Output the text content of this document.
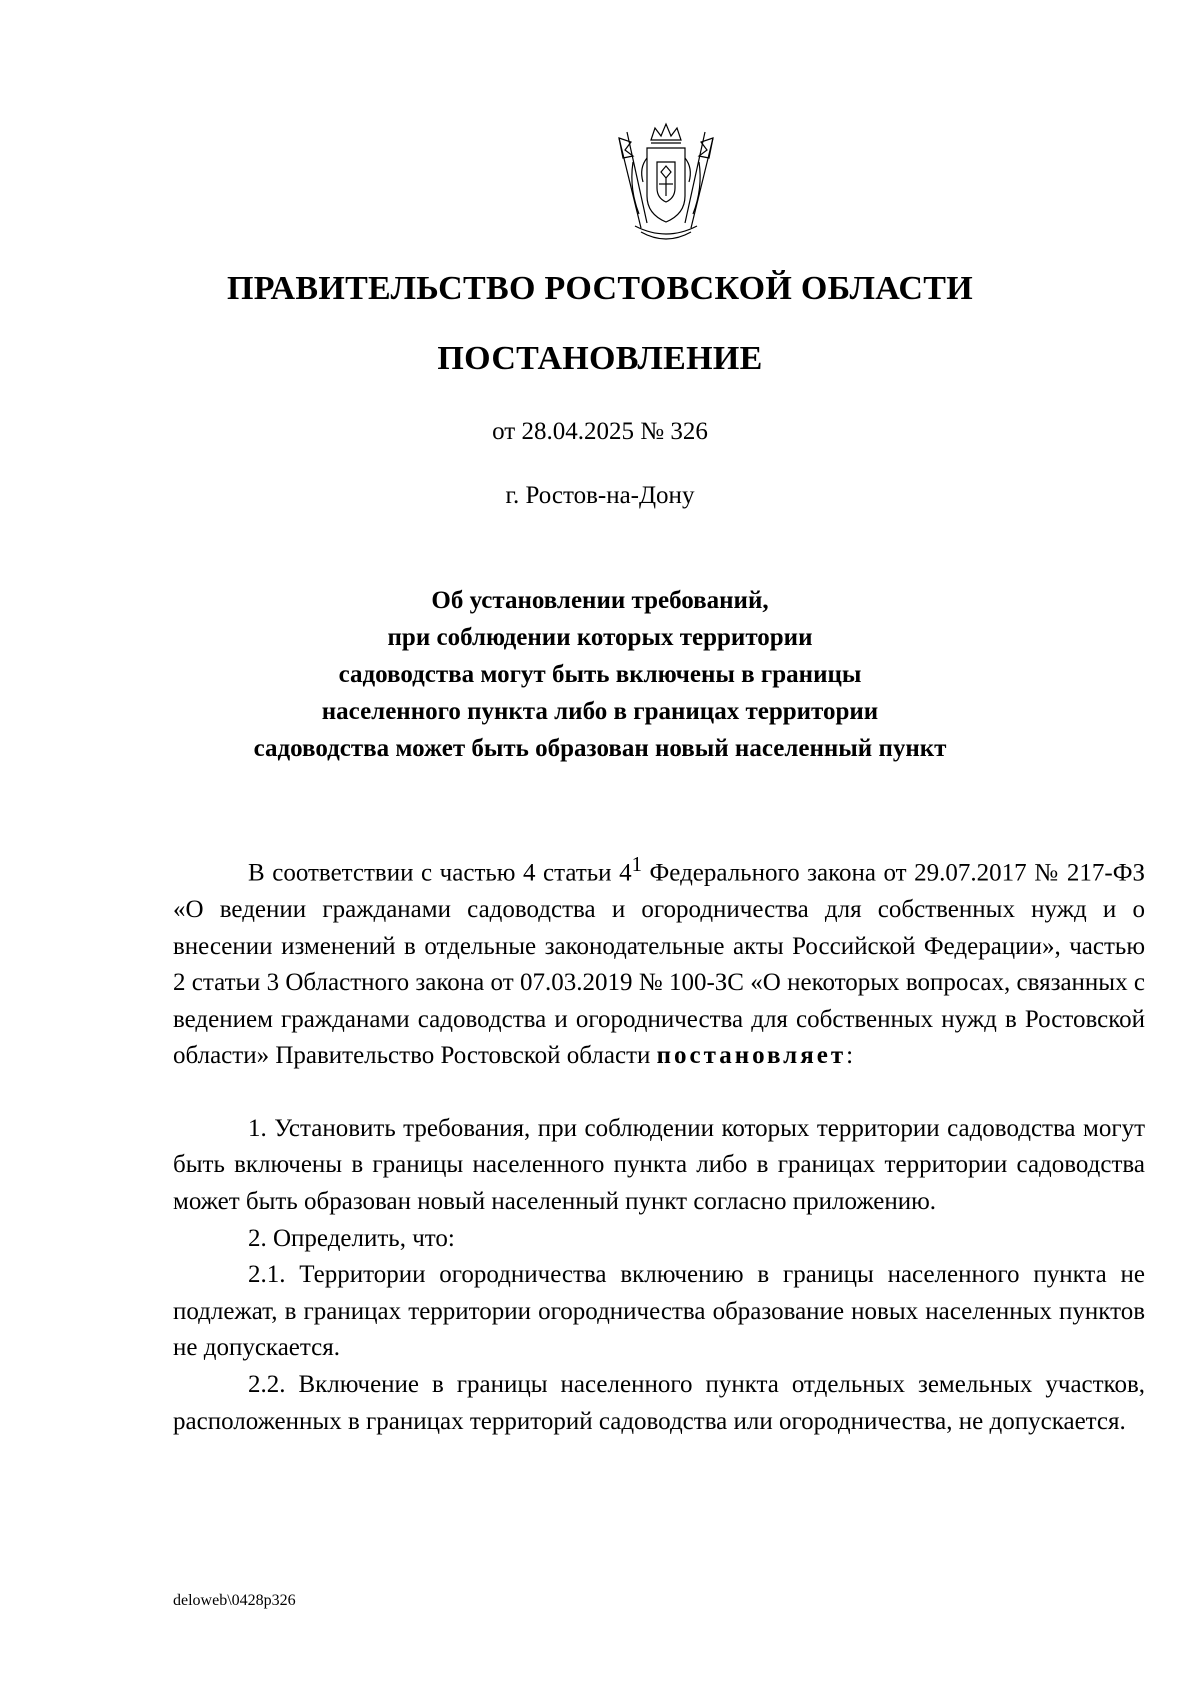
ПРАВИТЕЛЬСТВО РОСТОВСКОЙ ОБЛАСТИ
ПОСТАНОВЛЕНИЕ
от 28.04.2025 № 326
г. Ростов-на-Дону
Об установлении требований,
при соблюдении которых территории
садоводства могут быть включены в границы
населенного пункта либо в границах территории
садоводства может быть образован новый населенный пункт

В соответствии с частью 4 статьи $4^1$ Федерального закона от 29.07.2017 № 217-ФЗ «О ведении гражданами садоводства и огородничества для собственных нужд и о внесении изменений в отдельные законодательные акты Российской Федерации», частью 2 статьи 3 Областного закона от 07.03.2019 № 100-ЗС «О некоторых вопросах, связанных с ведением гражданами садоводства и огородничества для собственных нужд в Ростовской области» Правительство Ростовской области постановляет:

1. Установить требования, при соблюдении которых территории садоводства могут быть включены в границы населенного пункта либо в границах территории садоводства может быть образован новый населенный пункт согласно приложению.

2. Определить, что:

2.1. Территории огородничества включению в границы населенного пункта не подлежат, в границах территории огородничества образование новых населенных пунктов не допускается.

2.2. Включение в границы населенного пункта отдельных земельных участков, расположенных в границах территорий садоводства или огородничества, не допускается.

deloweb\0428p326
